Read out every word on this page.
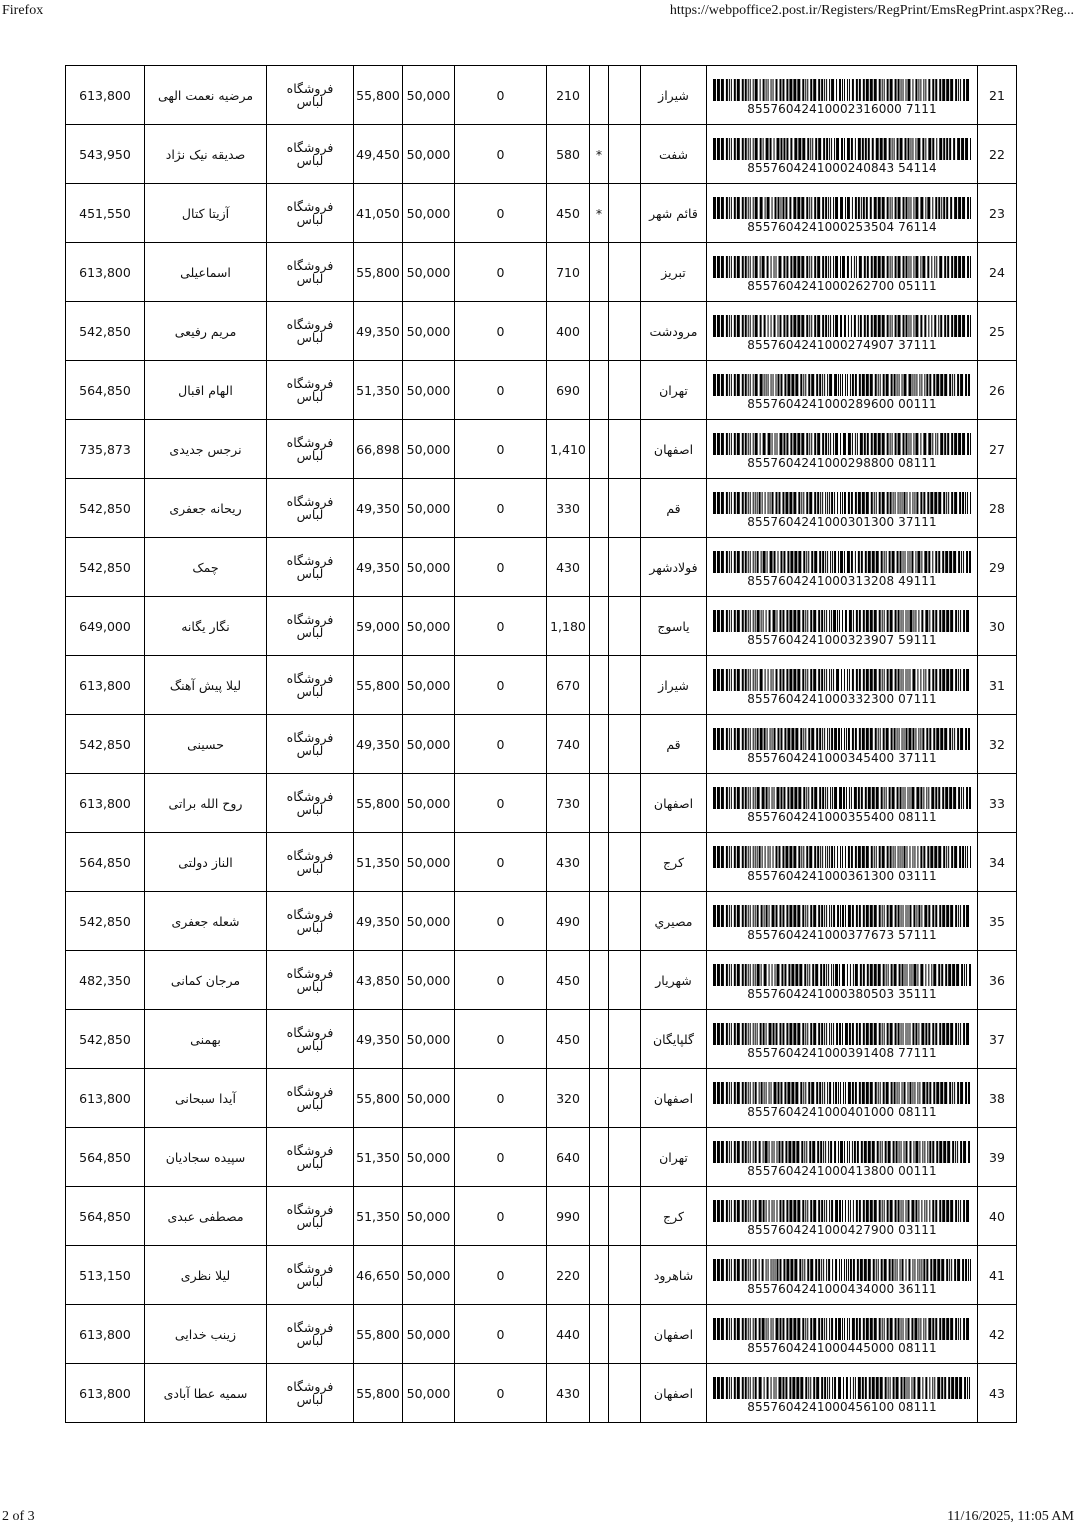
Firefox	https://webpoffice2.post.ir/Registers/RegPrint/EmsRegPrint.aspx?Reg...
613,800	مرضیه نعمت الهی	فروشگاه
لباس	55,800	50,000	0	210			شیراز	85576042410002316000 7111	21
543,950	صدیقه نیک نژاد	فروشگاه
لباس	49,450	50,000	0	580	*		شفت	8557604241000240843 54114	22
451,550	آزیتا کتال	فروشگاه
لباس	41,050	50,000	0	450	*		قائم شهر	8557604241000253504 76114	23
613,800	اسماعیلی	فروشگاه
لباس	55,800	50,000	0	710			تبریز	8557604241000262700 05111	24
542,850	مریم رفیعی	فروشگاه
لباس	49,350	50,000	0	400			مرودشت	8557604241000274907 37111	25
564,850	الهام اقبال	فروشگاه
لباس	51,350	50,000	0	690			تهران	8557604241000289600 00111	26
735,873	نرجس جدیدی	فروشگاه
لباس	66,898	50,000	0	1,410			اصفهان	8557604241000298800 08111	27
542,850	ریحانه جعفری	فروشگاه
لباس	49,350	50,000	0	330			قم	8557604241000301300 37111	28
542,850	چمک	فروشگاه
لباس	49,350	50,000	0	430			فولادشهر	8557604241000313208 49111	29
649,000	نگار یگانه	فروشگاه
لباس	59,000	50,000	0	1,180			یاسوج	8557604241000323907 59111	30
613,800	لیلا پیش آهنگ	فروشگاه
لباس	55,800	50,000	0	670			شیراز	8557604241000332300 07111	31
542,850	حسینی	فروشگاه
لباس	49,350	50,000	0	740			قم	8557604241000345400 37111	32
613,800	روح الله براتی	فروشگاه
لباس	55,800	50,000	0	730			اصفهان	8557604241000355400 08111	33
564,850	الناز دولتی	فروشگاه
لباس	51,350	50,000	0	430			کرج	8557604241000361300 03111	34
542,850	شعله جعفری	فروشگاه
لباس	49,350	50,000	0	490			مصیري	8557604241000377673 57111	35
482,350	مرجان کمانی	فروشگاه
لباس	43,850	50,000	0	450			شهریار	8557604241000380503 35111	36
542,850	بهمنی	فروشگاه
لباس	49,350	50,000	0	450			گلپایگان	8557604241000391408 77111	37
613,800	آیدا سبحانی	فروشگاه
لباس	55,800	50,000	0	320			اصفهان	8557604241000401000 08111	38
564,850	سپیده سجادیان	فروشگاه
لباس	51,350	50,000	0	640			تهران	8557604241000413800 00111	39
564,850	مصطفی عبدی	فروشگاه
لباس	51,350	50,000	0	990			کرج	8557604241000427900 03111	40
513,150	لیلا نظری	فروشگاه
لباس	46,650	50,000	0	220			شاهرود	8557604241000434000 36111	41
613,800	زینب خدایی	فروشگاه
لباس	55,800	50,000	0	440			اصفهان	8557604241000445000 08111	42
613,800	سمیه عطا آبادی	فروشگاه
لباس	55,800	50,000	0	430			اصفهان	8557604241000456100 08111	43
2 of 3	11/16/2025, 11:05 AM
